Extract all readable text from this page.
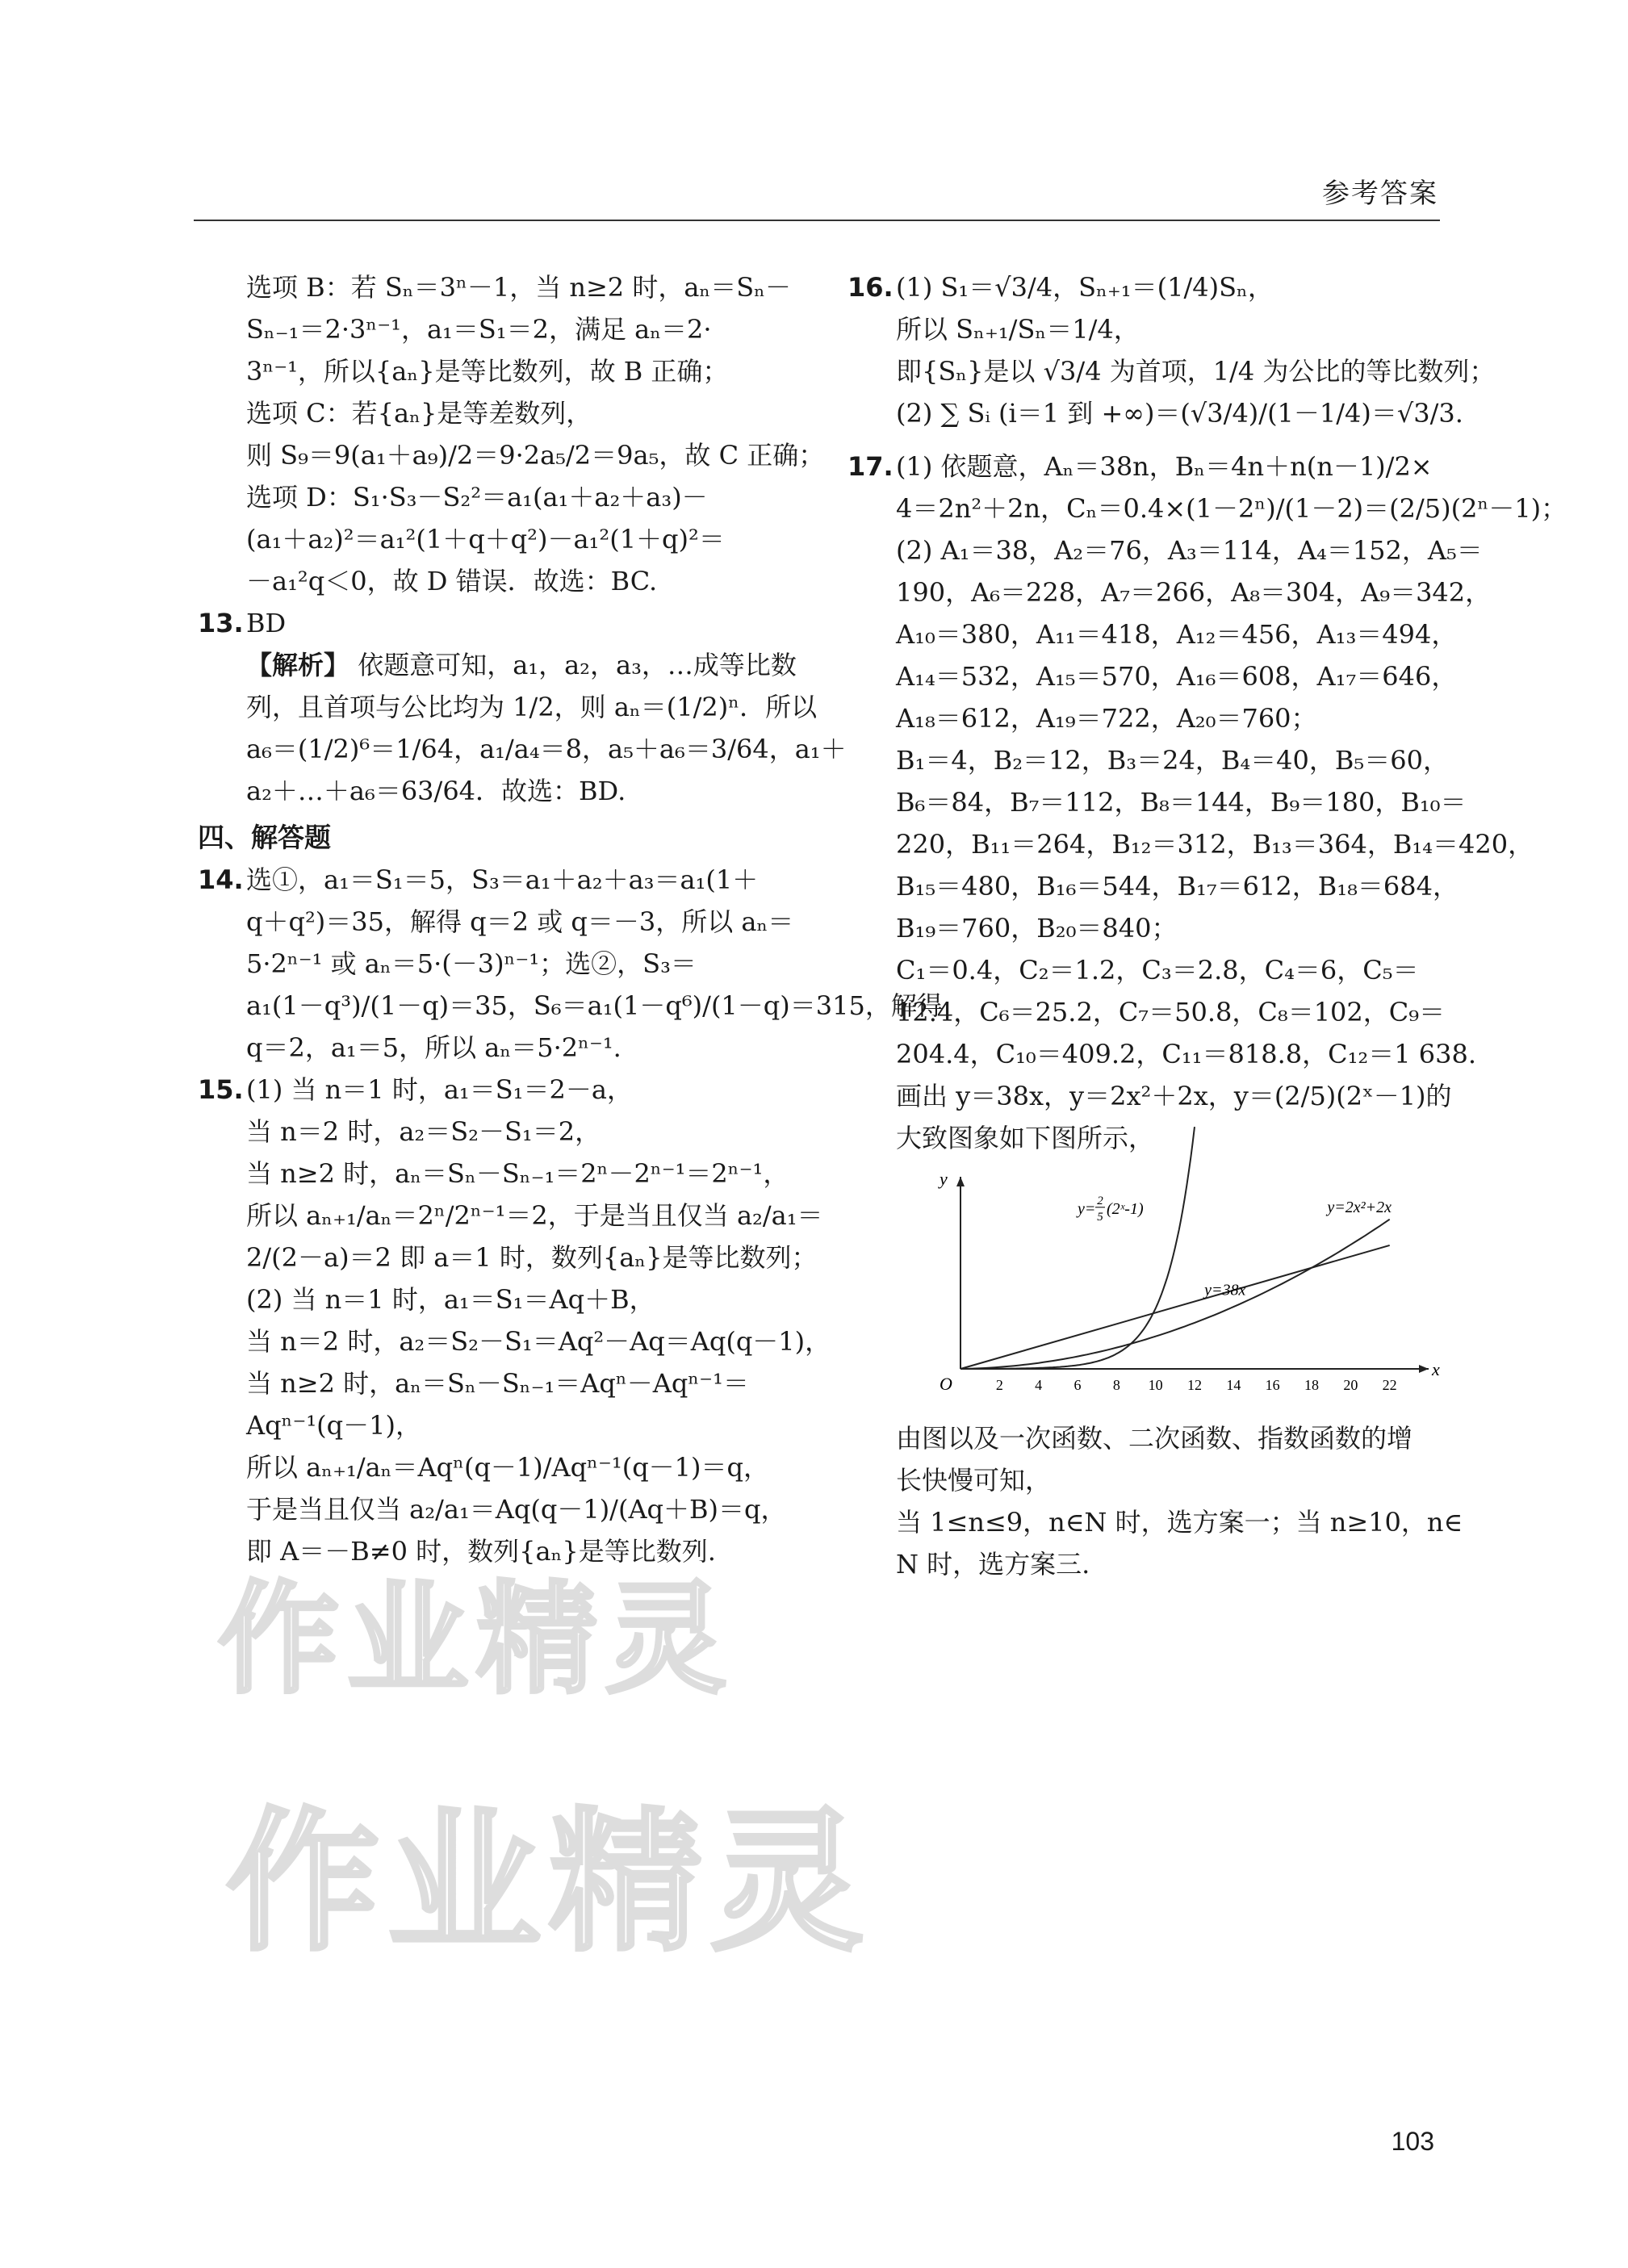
参考答案
选项 B：若 Sₙ＝3ⁿ－1，当 n≥2 时，aₙ＝Sₙ－
Sₙ₋₁＝2·3ⁿ⁻¹，a₁＝S₁＝2，满足 aₙ＝2·
3ⁿ⁻¹，所以{aₙ}是等比数列，故 B 正确；
选项 C：若{aₙ}是等差数列，
则 S₉＝9(a₁＋a₉)/2＝9·2a₅/2＝9a₅，故 C 正确；
选项 D：S₁·S₃－S₂²＝a₁(a₁＋a₂＋a₃)－
(a₁＋a₂)²＝a₁²(1＋q＋q²)－a₁²(1＋q)²＝
－a₁²q＜0，故 D 错误．故选：BC.
13. BD
【解析】 依题意可知，a₁，a₂，a₃，…成等比数
列，且首项与公比均为 1/2，则 aₙ＝(1/2)ⁿ．所以
a₆＝(1/2)⁶＝1/64，a₁/a₄＝8，a₅＋a₆＝3/64，a₁＋
a₂＋…＋a₆＝63/64．故选：BD.
四、解答题
14. 选①，a₁＝S₁＝5，S₃＝a₁＋a₂＋a₃＝a₁(1＋
q＋q²)＝35，解得 q＝2 或 q＝－3，所以 aₙ＝
5·2ⁿ⁻¹ 或 aₙ＝5·(－3)ⁿ⁻¹；选②，S₃＝
a₁(1－q³)/(1－q)＝35，S₆＝a₁(1－q⁶)/(1－q)＝315，解得
q＝2，a₁＝5，所以 aₙ＝5·2ⁿ⁻¹.
15. (1) 当 n＝1 时，a₁＝S₁＝2－a，
当 n＝2 时，a₂＝S₂－S₁＝2，
当 n≥2 时，aₙ＝Sₙ－Sₙ₋₁＝2ⁿ－2ⁿ⁻¹＝2ⁿ⁻¹，
所以 aₙ₊₁/aₙ＝2ⁿ/2ⁿ⁻¹＝2，于是当且仅当 a₂/a₁＝
2/(2－a)＝2 即 a＝1 时，数列{aₙ}是等比数列；
(2) 当 n＝1 时，a₁＝S₁＝Aq＋B，
当 n＝2 时，a₂＝S₂－S₁＝Aq²－Aq＝Aq(q－1)，
当 n≥2 时，aₙ＝Sₙ－Sₙ₋₁＝Aqⁿ－Aqⁿ⁻¹＝
Aqⁿ⁻¹(q－1)，
所以 aₙ₊₁/aₙ＝Aqⁿ(q－1)/Aqⁿ⁻¹(q－1)＝q，
于是当且仅当 a₂/a₁＝Aq(q－1)/(Aq＋B)＝q，
即 A＝－B≠0 时，数列{aₙ}是等比数列.
16. (1) S₁＝√3/4，Sₙ₊₁＝(1/4)Sₙ，
所以 Sₙ₊₁/Sₙ＝1/4，
即{Sₙ}是以 √3/4 为首项，1/4 为公比的等比数列；
(2) ∑ Sᵢ (i＝1 到 +∞)＝(√3/4)/(1－1/4)＝√3/3.
17. (1) 依题意，Aₙ＝38n，Bₙ＝4n＋n(n－1)/2×
4＝2n²＋2n，Cₙ＝0.4×(1－2ⁿ)/(1－2)＝(2/5)(2ⁿ－1)；
(2) A₁＝38，A₂＝76，A₃＝114，A₄＝152，A₅＝
190，A₆＝228，A₇＝266，A₈＝304，A₉＝342，
A₁₀＝380，A₁₁＝418，A₁₂＝456，A₁₃＝494，
A₁₄＝532，A₁₅＝570，A₁₆＝608，A₁₇＝646，
A₁₈＝612，A₁₉＝722，A₂₀＝760；
B₁＝4，B₂＝12，B₃＝24，B₄＝40，B₅＝60，
B₆＝84，B₇＝112，B₈＝144，B₉＝180，B₁₀＝
220，B₁₁＝264，B₁₂＝312，B₁₃＝364，B₁₄＝420，
B₁₅＝480，B₁₆＝544，B₁₇＝612，B₁₈＝684，
B₁₉＝760，B₂₀＝840；
C₁＝0.4，C₂＝1.2，C₃＝2.8，C₄＝6，C₅＝
12.4，C₆＝25.2，C₇＝50.8，C₈＝102，C₉＝
204.4，C₁₀＝409.2，C₁₁＝818.8，C₁₂＝1 638.
画出 y＝38x，y＝2x²＋2x，y＝(2/5)(2ˣ－1)的
大致图象如下图所示，
x
y
O	2 4 6 8 10 12 14 16 18 20 22
y=38x
y=2x²+2x
y= 2
5 (2ˣ-1)
由图以及一次函数、二次函数、指数函数的增
长快慢可知，
当 1≤n≤9，n∈N 时，选方案一；当 n≥10，n∈
N 时，选方案三.
作业精灵
作业精灵
103
